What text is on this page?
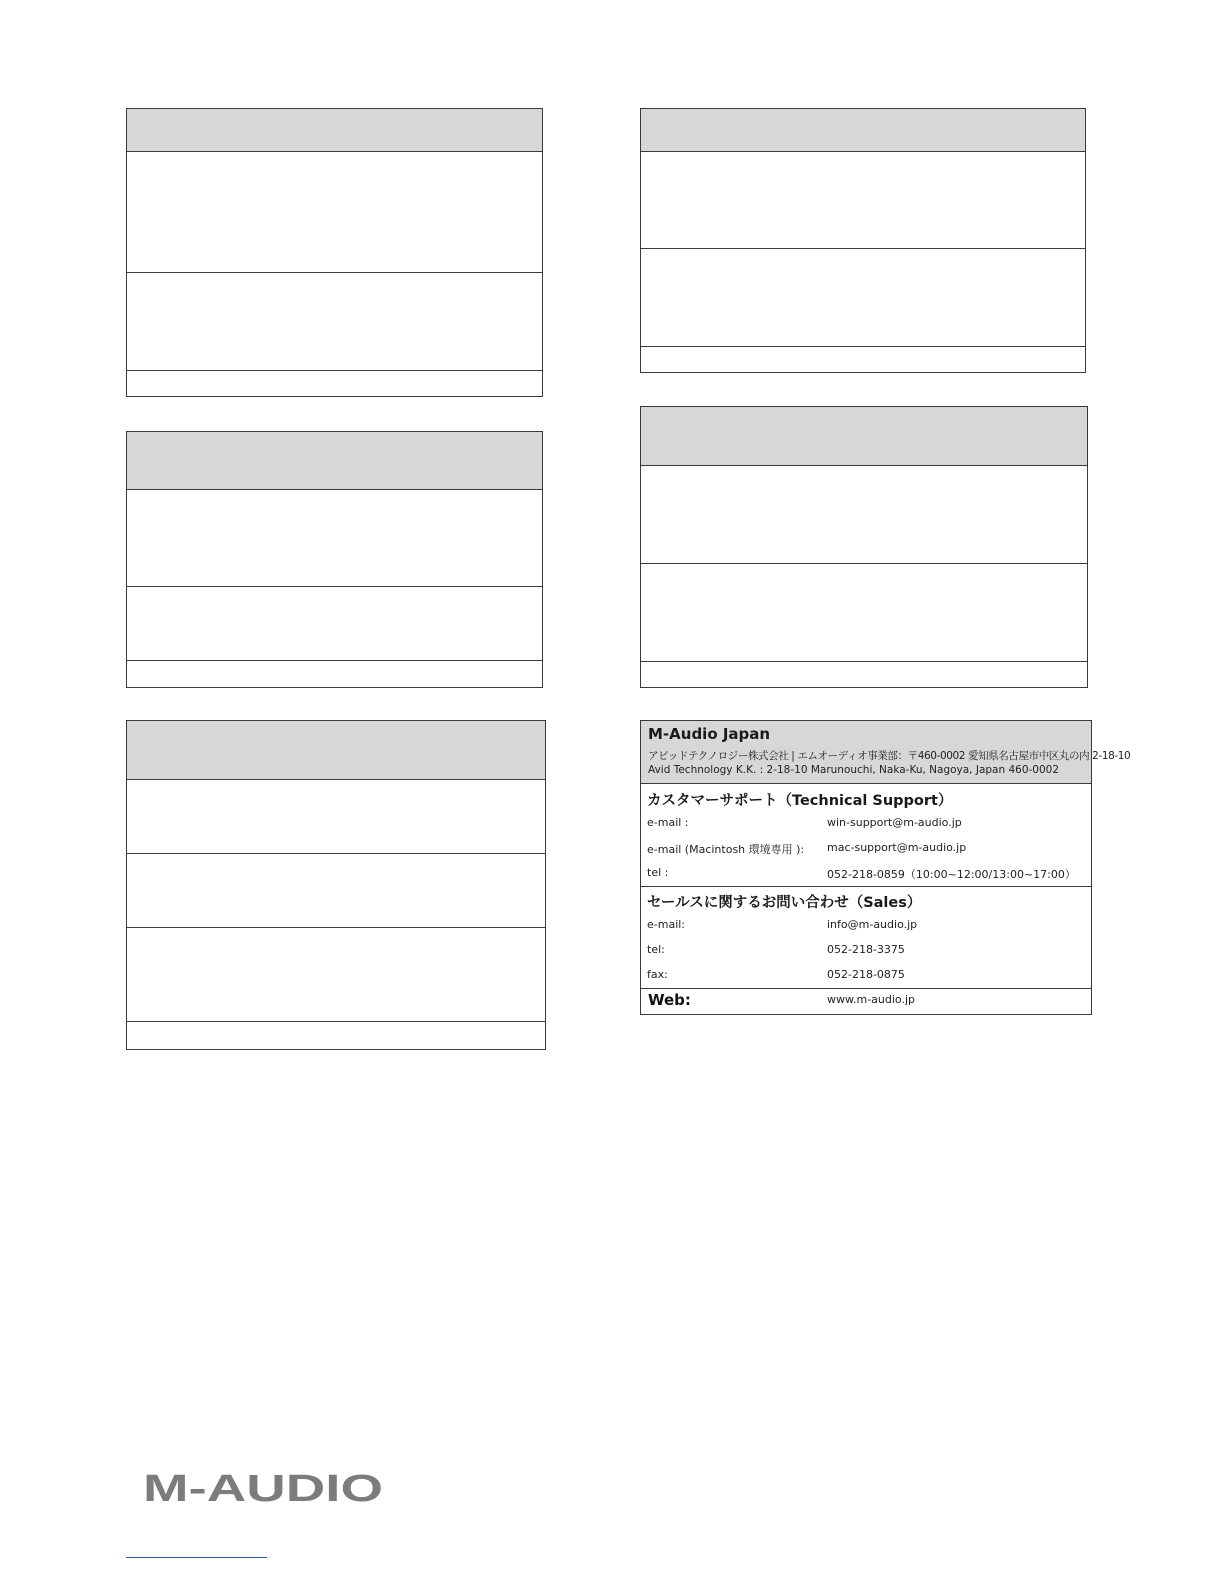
M-Audio Japan
アビッドテクノロジー株式会社 | エムオーディオ事業部：〒460-0002 愛知県名古屋市中区丸の内 2-18-10
Avid Technology K.K. : 2-18-10 Marunouchi, Naka-Ku, Nagoya, Japan 460-0002
カスタマーサポート（Technical Support）
e-mail :	win-support@m-audio.jp
e-mail (Macintosh 環境専用 ): mac-support@m-audio.jp
tel :	052-218-0859（10:00~12:00/13:00~17:00）
セールスに関するお問い合わせ（Sales）
e-mail:	info@m-audio.jp
tel:	052-218-3375
fax:	052-218-0875
Web:	www.m-audio.jp
M-AUDIO
